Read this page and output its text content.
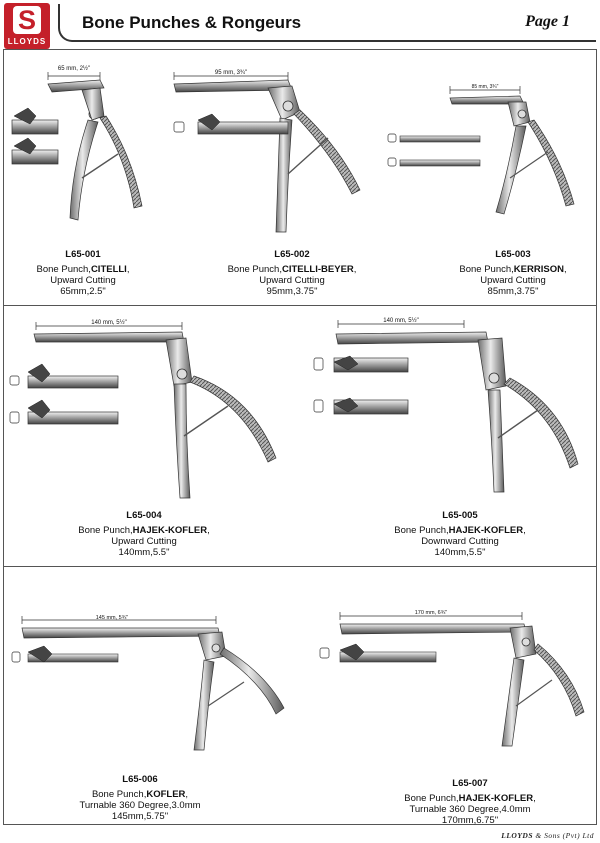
S
LLOYDS
Bone Punches & Rongeurs	Page 1
65 mm, 2½"
L65-001
Bone Punch,CITELLI,
Upward Cutting
65mm,2.5"
95 mm, 3¾"
L65-002
Bone Punch,CITELLI-BEYER,
Upward Cutting
95mm,3.75"
85 mm, 3¾"
L65-003
Bone Punch,KERRISON,
Upward Cutting
85mm,3.75"
140 mm, 5½"
L65-004
Bone Punch,HAJEK-KOFLER,
Upward Cutting
140mm,5.5"
140 mm, 5½"
L65-005
Bone Punch,HAJEK-KOFLER,
Downward Cutting
140mm,5.5"
145 mm, 5¾"
L65-006
Bone Punch,KOFLER,
Turnable 360 Degree,3.0mm
145mm,5.75"
170 mm, 6¾"
L65-007
Bone Punch,HAJEK-KOFLER,
Turnable 360 Degree,4.0mm
170mm,6.75"
LLOYDS & Sons (Pvt) Ltd
